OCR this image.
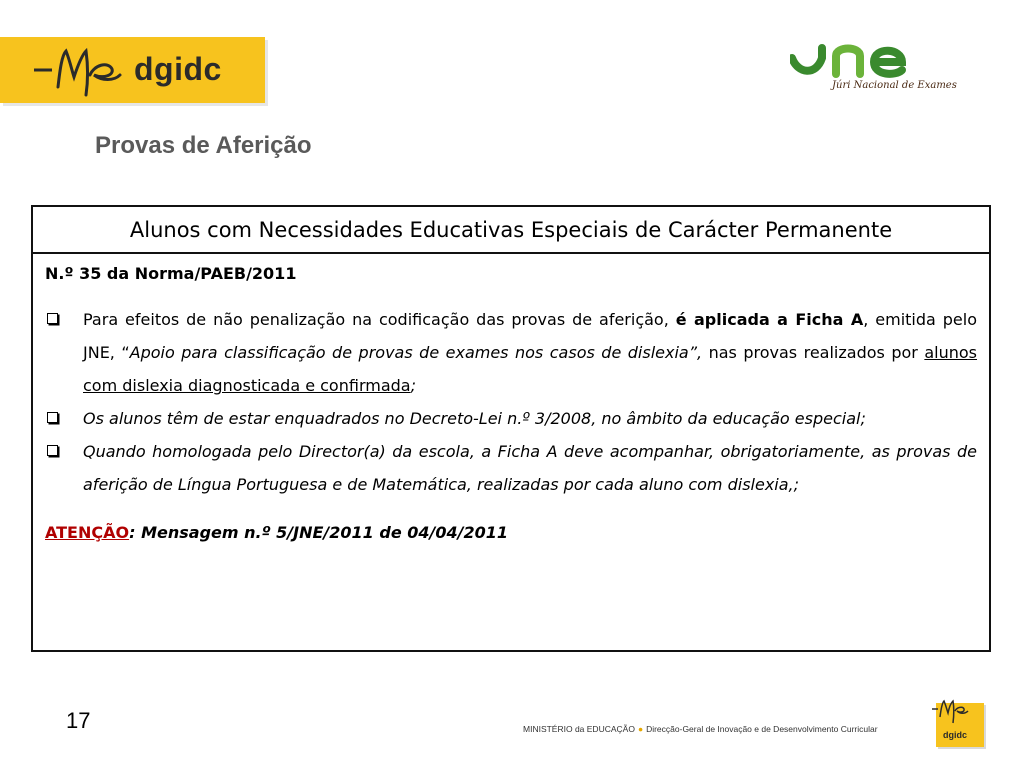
dgidc	Júri Nacional de Exames
Provas de Aferição
Alunos com Necessidades Educativas Especiais de Carácter Permanente
N.º 35 da Norma/PAEB/2011
Para efeitos de não penalização na codificação das provas de aferição, é aplicada a Ficha A, emitida pelo JNE, “Apoio para classificação de provas de exames nos casos de dislexia”, nas provas realizados por alunos com dislexia diagnosticada e confirmada;
Os alunos têm de estar enquadrados no Decreto-Lei n.º 3/2008, no âmbito da educação especial;
Quando homologada pelo Director(a) da escola, a Ficha A deve acompanhar, obrigatoriamente, as provas de aferição de Língua Portuguesa e de Matemática, realizadas por cada aluno com dislexia,;
ATENÇÃO: Mensagem n.º 5/JNE/2011 de 04/04/2011
17	MINISTÉRIO da EDUCAÇÃO ● Direcção-Geral de Inovação e de Desenvolvimento Curricular
dgidc
